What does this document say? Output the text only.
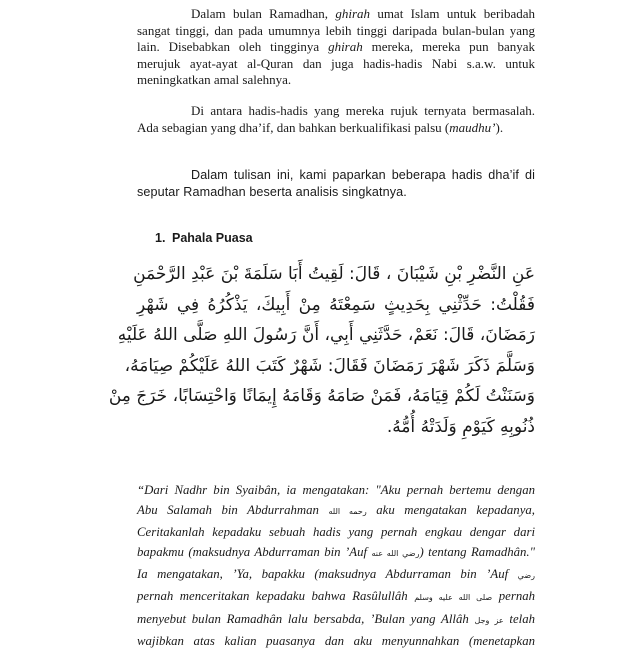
Dalam bulan Ramadhan, ghirah umat Islam untuk beribadah sangat tinggi, dan pada umumnya lebih tinggi daripada bulan-bulan yang lain. Disebabkan oleh tingginya ghirah mereka, mereka pun banyak merujuk ayat-ayat al-Quran dan juga hadis-hadis Nabi s.a.w. untuk meningkatkan amal salehnya.

Di antara hadis-hadis yang mereka rujuk ternyata bermasalah. Ada sebagian yang dha’if, dan bahkan berkualifikasi palsu (maudhu’).

Dalam tulisan ini, kami paparkan beberapa hadis dha’if di seputar Ramadhan beserta analisis singkatnya.

1. Pahala Puasa
عَنِ النَّضْرِ بْنِ شَيْبَانَ ، قَالَ: لَقِيتُ أَبَا سَلَمَةَ بْنَ عَبْدِ الرَّحْمَنِ
فَقُلْتُ: حَدِّثْنِي بِحَدِيثٍ سَمِعْتَهُ مِنْ أَبِيكَ، يَذْكُرُهُ فِي شَهْرِ
رَمَضَانَ، قَالَ: نَعَمْ، حَدَّثَنِي أَبِي، أَنَّ رَسُولَ اللهِ صَلَّى اللهُ عَلَيْهِ
وَسَلَّمَ ذَكَرَ شَهْرَ رَمَضَانَ فَقَالَ: شَهْرٌ كَتَبَ اللهُ عَلَيْكُمْ صِيَامَهُ،
وَسَنَنْتُ لَكُمْ قِيَامَهُ، فَمَنْ صَامَهُ وَقَامَهُ إِيمَانًا وَاحْتِسَابًا، خَرَجَ مِنْ
ذُنُوبِهِ كَيَوْمِ وَلَدَتْهُ أُمُّهُ.
“Dari Nadhr bin Syaibân, ia mengatakan: "Aku pernah bertemu dengan
Abu Salamah bin Abdurrahman رحمه الله aku mengatakan kepadanya,
Ceritakanlah kepadaku sebuah hadis yang pernah engkau dengar dari
bapakmu (maksudnya Abdurraman bin ’Auf رضي الله عنه) tentang Ramadhân."
Ia mengatakan, ’Ya, bapakku (maksudnya Abdurraman bin ’Auf رضي
pernah menceritakan kepadaku bahwa Rasûlullâh صلى الله عليه وسلم pernah
menyebut bulan Ramadhân lalu bersabda, ’Bulan yang Allâh عز وجل telah
wajibkan atas kalian puasanya dan aku menyunnahkan (menetapkan
